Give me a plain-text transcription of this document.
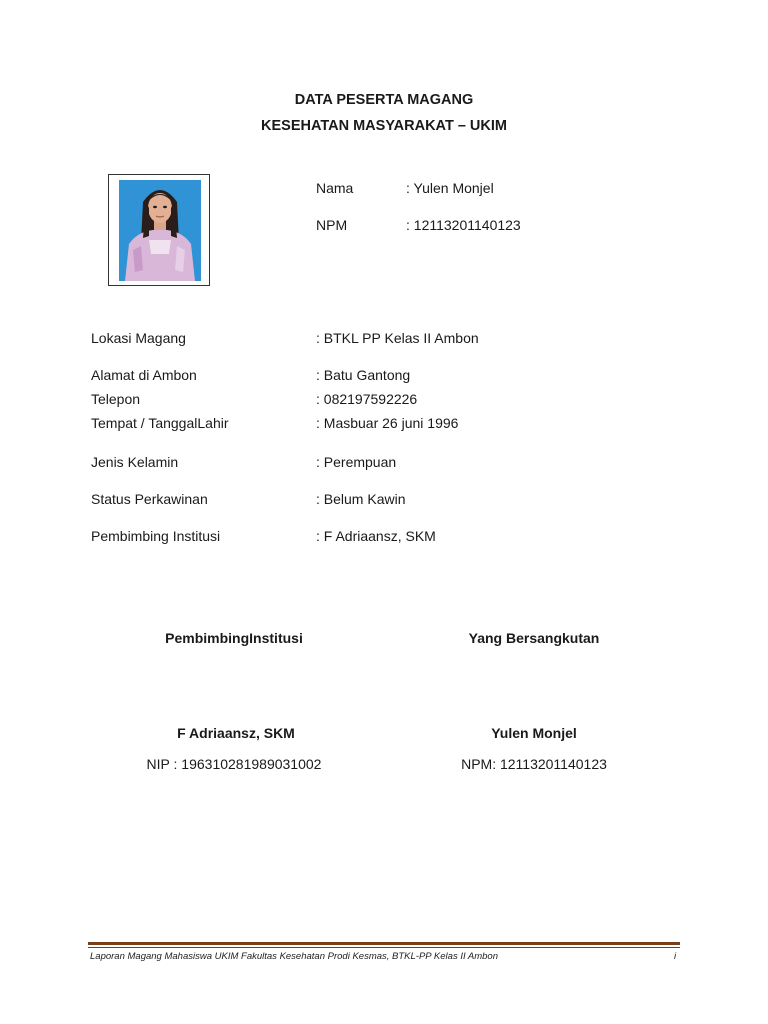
DATA PESERTA MAGANG
KESEHATAN MASYARAKAT – UKIM
Nama	: Yulen Monjel
NPM	: 12113201140123
Lokasi Magang	: BTKL PP Kelas II Ambon
Alamat di Ambon	: Batu Gantong
Telepon	: 082197592226
Tempat / TanggalLahir	: Masbuar 26 juni 1996
Jenis Kelamin	: Perempuan
Status Perkawinan	: Belum Kawin
Pembimbing Institusi	: F Adriaansz, SKM
PembimbingInstitusi	Yang Bersangkutan
F Adriaansz, SKM	Yulen Monjel
NIP : 196310281989031002	NPM: 12113201140123
Laporan Magang Mahasiswa UKIM Fakultas Kesehatan Prodi Kesmas, BTKL-PP Kelas II Ambon	i
